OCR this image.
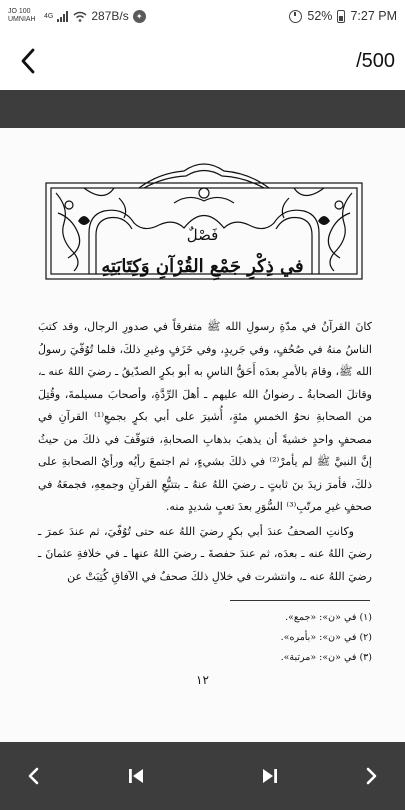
JO 100
UMNIAH	4G	287B/s ✦	52% 7:27 PM
/500
فَصْلٌ
في ذِكْرِ جَمْعِ القُرْآنِ وَكِتَابَتِهِ

كانَ القرآنُ في مدّةِ رسولِ الله ﷺ متفرقاً في صدورِ الرجال، وقد كتبَ الناسُ منهُ في صُحُفٍ، وفي جَريدٍ، وفي خَزَفٍ وغيرِ ذلكَ، فلما تُوُفّيَ رسولُ الله ﷺ، وقامَ بالأمرِ بعدَه أَحَقُّ الناسِ به أبو بكرٍ الصدّيقُ ـ رضيَ اللهُ عنه ـ، وقاتلَ الصحابةُ ـ رضوانُ الله عليهم ـ أهلَ الرِّدَّةِ، وأصحابَ مسيلمةَ، وقُتِلَ من الصحابةِ نحوُ الخمسِ مئةٍ، أُشيرَ على أبي بكرٍ بجمعِ⁽¹⁾ القرآنِ في مصحفٍ واحدٍ خشيةً أن يذهبَ بذهابِ الصحابةِ، فتوقّفَ في ذلكَ من حيثُ إنَّ النبيَّ ﷺ لم يأمرْ⁽²⁾ في ذلكَ بشيءٍ، ثم اجتمعَ رأيُه ورأيُ الصحابةِ على ذلكَ، فأمرَ زيدَ بنَ ثابتٍ ـ رضيَ اللهُ عنهُ ـ بتتبُّعِ القرآنِ وجمعِهِ، فجمعَهُ في صحفٍ غيرِ مرتّبِ⁽³⁾ السُّوَرِ بعدَ تعبٍ شديدٍ منه.

وكانتِ الصحفُ عندَ أبي بكرٍ رضيَ اللهُ عنه حتى تُوُفّيَ، ثم عندَ عمرَ ـ رضيَ اللهُ عنه ـ بعدَه، ثم عندَ حفصةَ ـ رضيَ اللهُ عنها ـ في خلافةِ عثمانَ ـ رضيَ اللهُ عنه ـ، وانتشرت في خلالِ ذلكَ صحفٌ في الآفاقِ كُتِبَتْ عن

(١) في «ن»: «جمع».
(٢) في «ن»: «بأمره».
(٣) في «ن»: «مرتبة».
١٢
